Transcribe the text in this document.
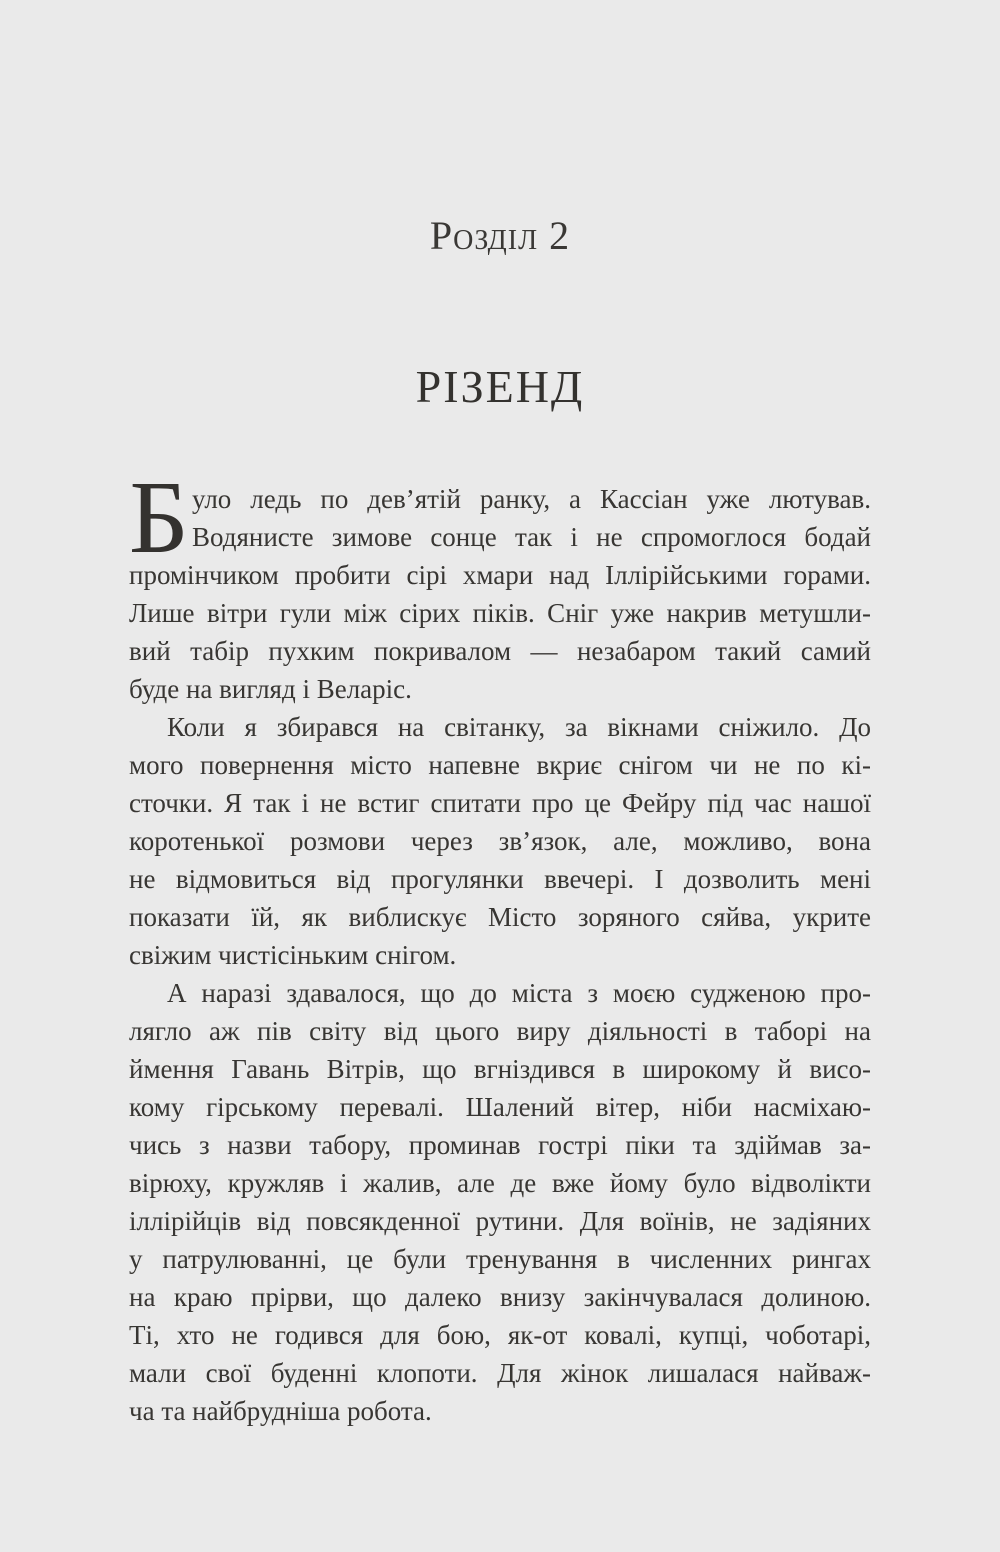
Розділ 2
РІЗЕНД
Б уло ледь по дев’ятій ранку, а Кассіан уже лютував.
Водянисте зимове сонце так і не спромоглося бодай
промінчиком пробити сірі хмари над Іллірійськими горами.
Лише вітри гули між сірих піків. Сніг уже накрив метушли-
вий табір пухким покривалом — незабаром такий самий
буде на вигляд і Веларіс.
Коли я збирався на світанку, за вікнами сніжило. До
мого повернення місто напевне вкриє снігом чи не по кі-
сточки. Я так і не встиг спитати про це Фейру під час нашої
коротенької розмови через зв’язок, але, можливо, вона
не відмовиться від прогулянки ввечері. І дозволить мені
показати їй, як виблискує Місто зоряного сяйва, укрите
свіжим чистісіньким снігом.
А наразі здавалося, що до міста з моєю судженою про-
лягло аж пів світу від цього виру діяльності в таборі на
ймення Гавань Вітрів, що вгніздився в широкому й висо-
кому гірському перевалі. Шалений вітер, ніби насміхаю-
чись з назви табору, проминав гострі піки та здіймав за-
вірюху, кружляв і жалив, але де вже йому було відволікти
іллірійців від повсякденної рутини. Для воїнів, не задіяних
у патрулюванні, це були тренування в численних рингах
на краю прірви, що далеко внизу закінчувалася долиною.
Ті, хто не годився для бою, як-от ковалі, купці, чоботарі,
мали свої буденні клопоти. Для жінок лишалася найваж-
ча та найбрудніша робота.
